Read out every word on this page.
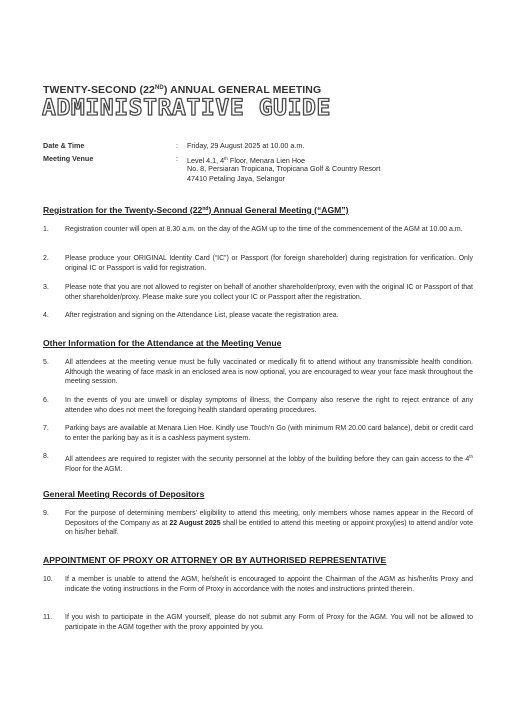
TWENTY-SECOND (22ND) ANNUAL GENERAL MEETING
ADMINISTRATIVE GUIDE
Date & Time	: Friday, 29 August 2025 at 10.00 a.m.
Meeting Venue	: Level 4.1, 4th Floor, Menara Lien Hoe
No. 8, Persiaran Tropicana, Tropicana Golf & Country Resort
47410 Petaling Jaya, Selangor
Registration for the Twenty-Second (22nd) Annual General Meeting (“AGM”)
1. Registration counter will open at 8.30 a.m. on the day of the AGM up to the time of the commencement of the AGM at 10.00 a.m.
2. Please produce your ORIGINAL Identity Card (“IC”) or Passport (for foreign shareholder) during registration for verification. Only original IC or Passport is valid for registration.
3. Please note that you are not allowed to register on behalf of another shareholder/proxy, even with the original IC or Passport of that other shareholder/proxy. Please make sure you collect your IC or Passport after the registration.
4. After registration and signing on the Attendance List, please vacate the registration area.
Other Information for the Attendance at the Meeting Venue
5. All attendees at the meeting venue must be fully vaccinated or medically fit to attend without any transmissible health condition. Although the wearing of face mask in an enclosed area is now optional, you are encouraged to wear your face mask throughout the meeting session.
6. In the events of you are unwell or display symptoms of illness, the Company also reserve the right to reject entrance of any attendee who does not meet the foregoing health standard operating procedures.
7. Parking bays are available at Menara Lien Hoe. Kindly use Touch’n Go (with minimum RM 20.00 card balance), debit or credit card to enter the parking bay as it is a cashless payment system.
8. All attendees are required to register with the security personnel at the lobby of the building before they can gain access to the 4th Floor for the AGM.
General Meeting Records of Depositors
9. For the purpose of determining members’ eligibility to attend this meeting, only members whose names appear in the Record of Depositors of the Company as at 22 August 2025 shall be entitled to attend this meeting or appoint proxy(ies) to attend and/or vote on his/her behalf.
APPOINTMENT OF PROXY OR ATTORNEY OR BY AUTHORISED REPRESENTATIVE
10. If a member is unable to attend the AGM, he/she/it is encouraged to appoint the Chairman of the AGM as his/her/its Proxy and indicate the voting instructions in the Form of Proxy in accordance with the notes and instructions printed therein.
11. If you wish to participate in the AGM yourself, please do not submit any Form of Proxy for the AGM. You will not be allowed to participate in the AGM together with the proxy appointed by you.
